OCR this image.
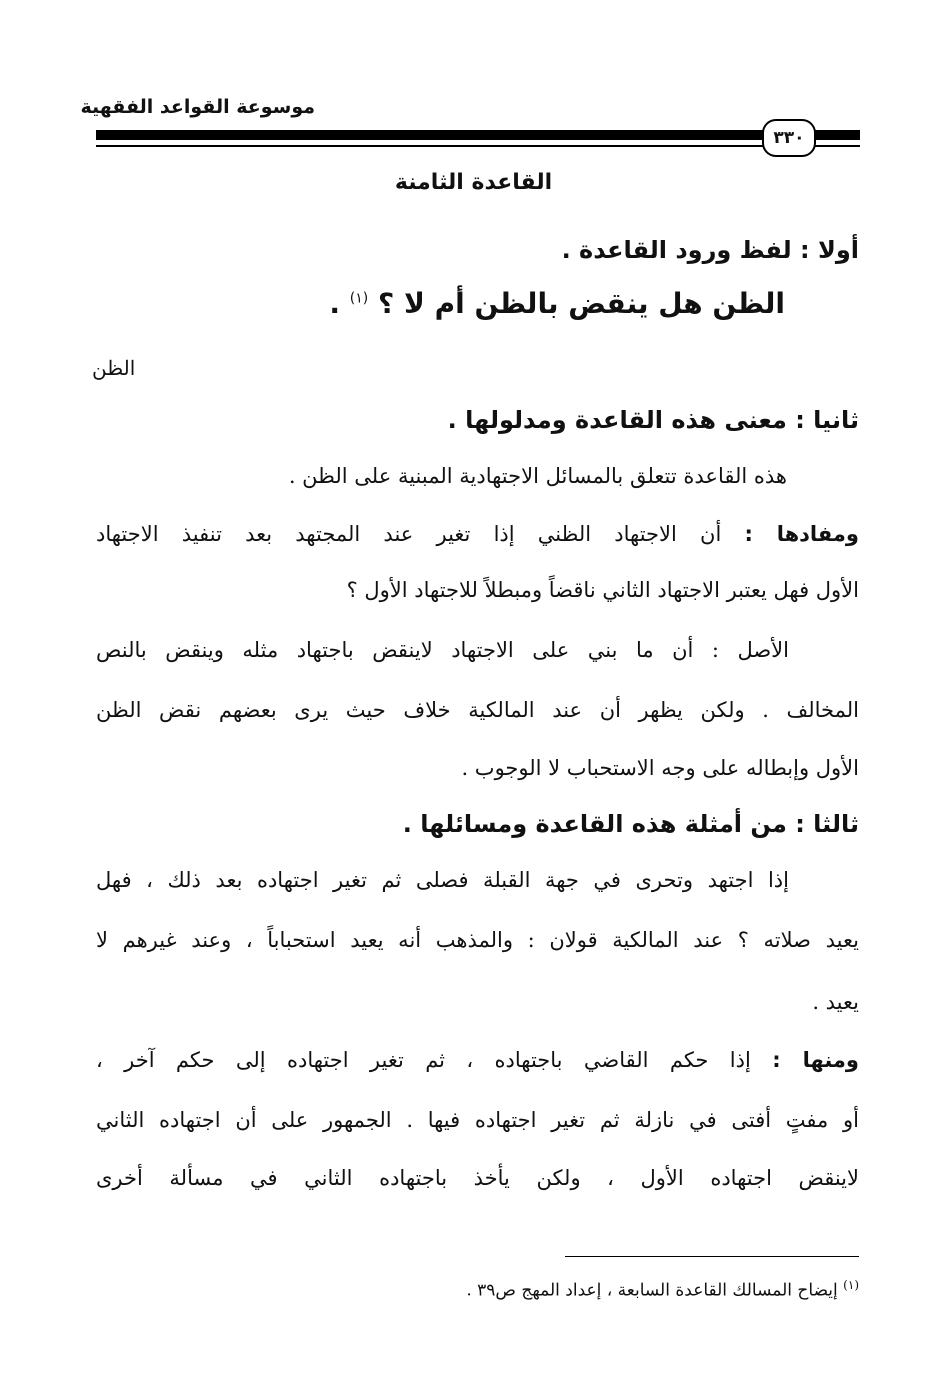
موسوعة القواعد الفقهية
٣٣٠
القاعدة الثامنة
أولا : لفظ ورود القاعدة .
الظن هل ينقض بالظن أم لا ؟ $^{(١)}$ .
الظن
ثانيا : معنى هذه القاعدة ومدلولها .
هذه القاعدة تتعلق بالمسائل الاجتهادية المبنية على الظن .
ومفادها : أن الاجتهاد الظني إذا تغير عند المجتهد بعد تنفيذ الاجتهاد
الأول فهل يعتبر الاجتهاد الثاني ناقضاً ومبطلاً للاجتهاد الأول ؟
الأصل : أن ما بني على الاجتهاد لاينقض باجتهاد مثله وينقض بالنص
المخالف . ولكن يظهر أن عند المالكية خلاف حيث يرى بعضهم نقض الظن
الأول وإبطاله على وجه الاستحباب لا الوجوب .
ثالثا : من أمثلة هذه القاعدة ومسائلها .
إذا اجتهد وتحرى في جهة القبلة فصلى ثم تغير اجتهاده بعد ذلك ، فهل
يعيد صلاته ؟ عند المالكية قولان : والمذهب أنه يعيد استحباباً ، وعند غيرهم لا
يعيد .
ومنها : إذا حكم القاضي باجتهاده ، ثم تغير اجتهاده إلى حكم آخر ،
أو مفتٍ أفتى في نازلة ثم تغير اجتهاده فيها . الجمهور على أن اجتهاده الثاني
لاينقض اجتهاده الأول ، ولكن يأخذ باجتهاده الثاني في مسألة أخرى
$^{(١)}$ إيضاح المسالك القاعدة السابعة ، إعداد المهج ص٣٩ .
